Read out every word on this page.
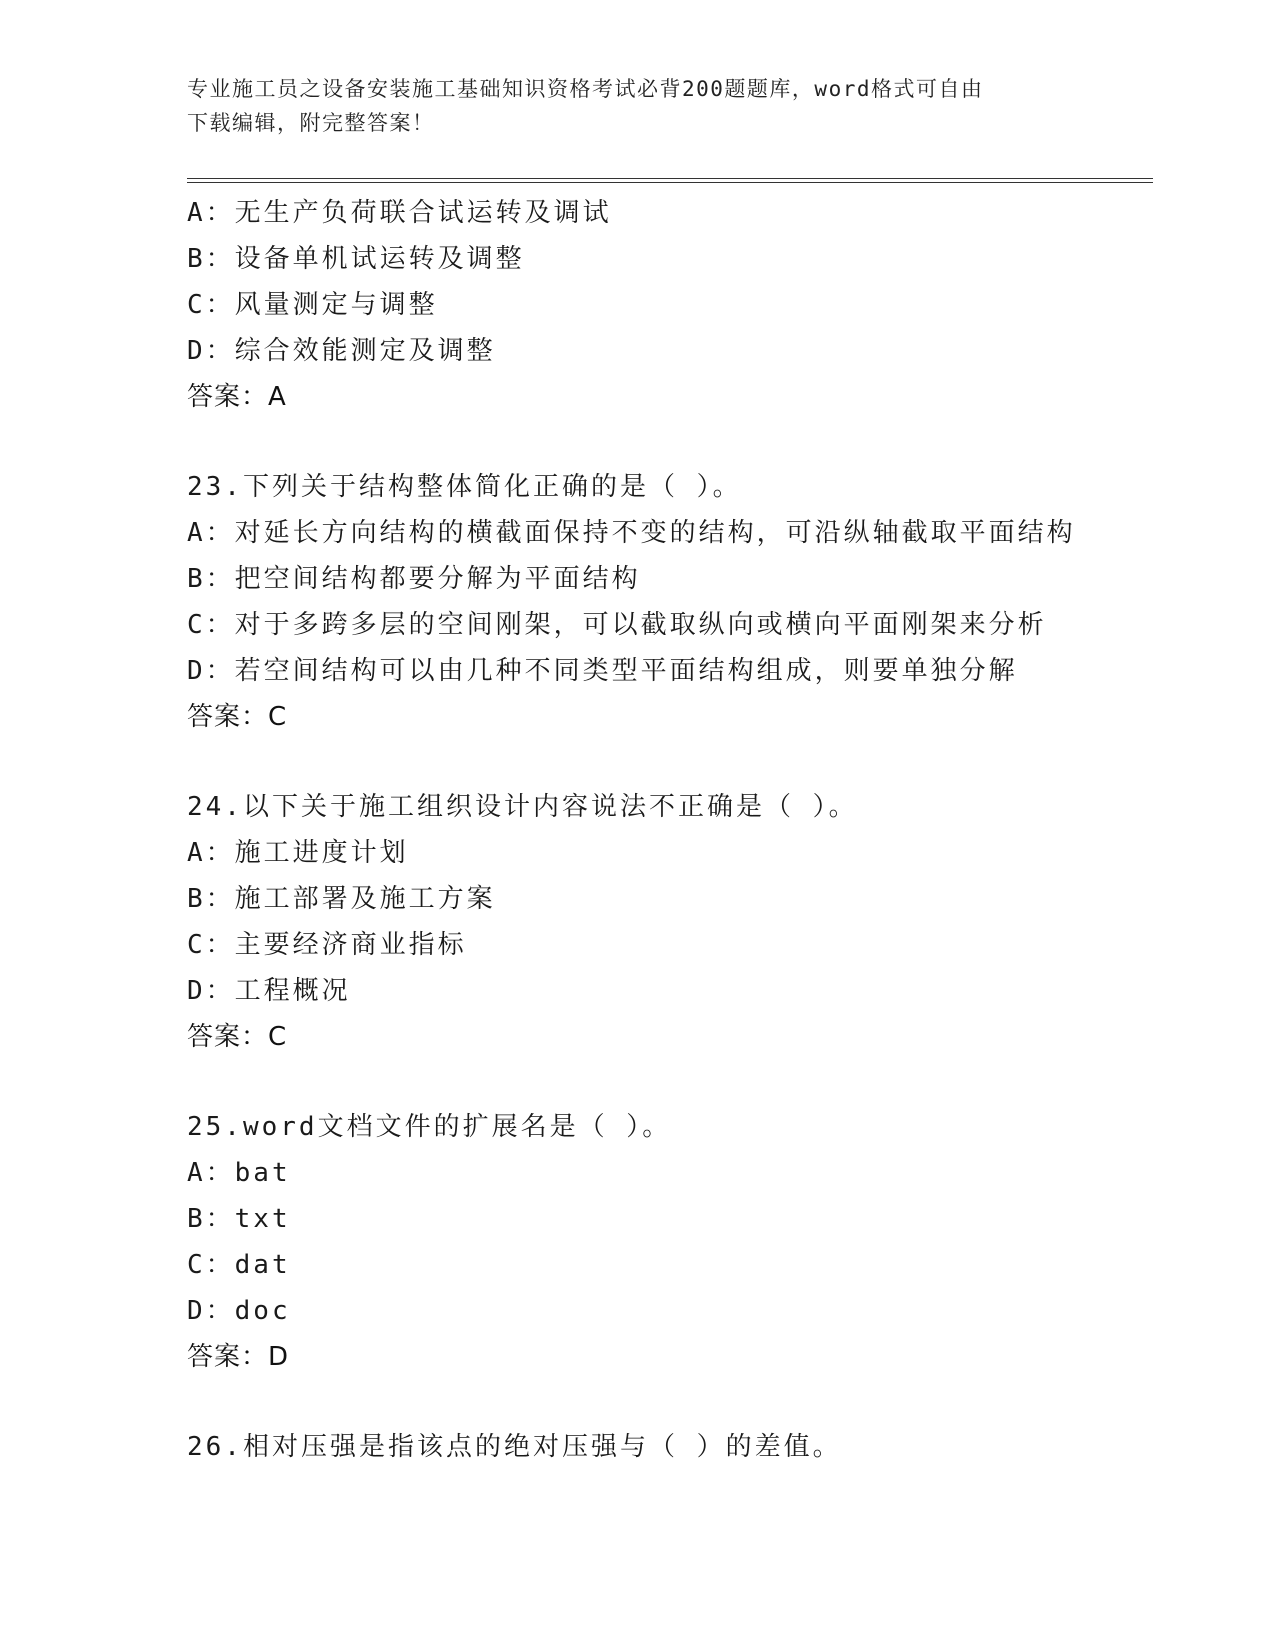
专业施工员之设备安装施工基础知识资格考试必背200题题库，word格式可自由
下载编辑，附完整答案！
A：无生产负荷联合试运转及调试
B：设备单机试运转及调整
C：风量测定与调整
D：综合效能测定及调整
答案：A
23.下列关于结构整体简化正确的是（ ）。
A：对延长方向结构的横截面保持不变的结构，可沿纵轴截取平面结构
B：把空间结构都要分解为平面结构
C：对于多跨多层的空间刚架，可以截取纵向或横向平面刚架来分析
D：若空间结构可以由几种不同类型平面结构组成，则要单独分解
答案：C
24.以下关于施工组织设计内容说法不正确是（ ）。
A：施工进度计划
B：施工部署及施工方案
C：主要经济商业指标
D：工程概况
答案：C
25.word文档文件的扩展名是（ ）。
A：bat
B：txt
C：dat
D：doc
答案：D
26.相对压强是指该点的绝对压强与（ ）的差值。
